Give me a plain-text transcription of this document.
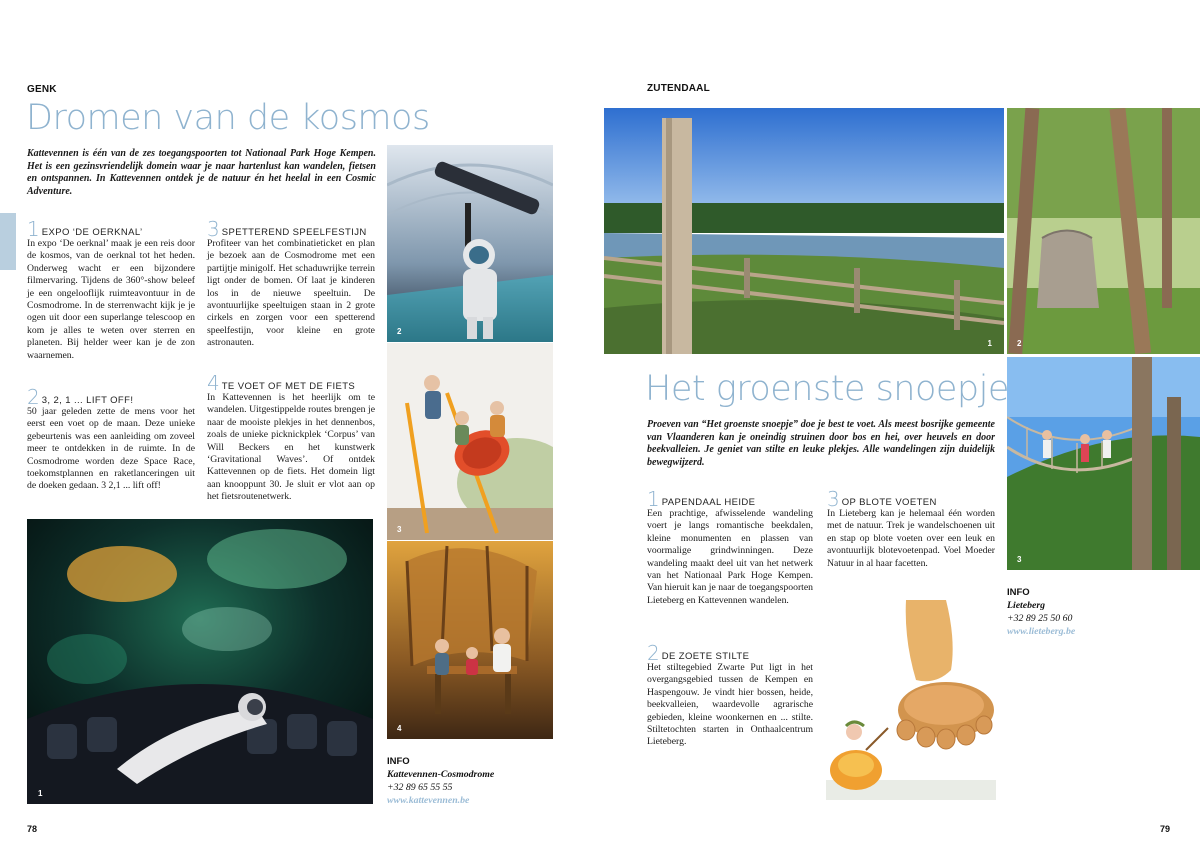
GENK
Dromen van de kosmos
Kattevennen is één van de zes toegangspoorten tot Nationaal Park Hoge Kempen. Het is een gezinsvriendelijk domein waar je naar hartenlust kan wandelen, fietsen en ontspannen. In Kattevennen ontdek je de natuur én het heelal in een Cosmic Adventure.
1 EXPO ‘DE OERKNAL’
In expo ‘De oerknal’ maak je een reis door de kosmos, van de oerknal tot het heden. Onderweg wacht er een bijzondere filmervaring. Tijdens de 360°-show beleef je een ongelooflijk ruimteavontuur in de Cosmodrome. In de sterrenwacht kijk je je ogen uit door een superlange telescoop en kom je alles te weten over sterren en planeten. Bij helder weer kan je de zon waarnemen.
2 3, 2, 1 ... LIFT OFF!
50 jaar geleden zette de mens voor het eerst een voet op de maan. Deze unieke gebeurtenis was een aanleiding om zoveel meer te ontdekken in de ruimte. In de Cosmodrome worden deze Space Race, toekomstplannen en raketlanceringen uit de doeken gedaan. 3 2,1 ... lift off!
3 SPETTEREND SPEELFESTIJN
Profiteer van het combinatieticket en plan je bezoek aan de Cosmodrome met een partijtje minigolf. Het schaduwrijke terrein ligt onder de bomen. Of laat je kinderen los in de nieuwe speeltuin. De avontuurlijke speeltuigen staan in 2 grote cirkels en zorgen voor een spetterend speelfestijn, voor kleine en grote astronauten.
4 TE VOET OF MET DE FIETS
In Kattevennen is het heerlijk om te wandelen. Uitgestippelde routes brengen je naar de mooiste plekjes in het dennenbos, zoals de unieke picknickplek ‘Corpus’ van Will Beckers en het kunstwerk ‘Gravitational Waves’. Of ontdek Kattevennen op de fiets. Het domein ligt aan knooppunt 30. Je sluit er vlot aan op het fietsroutenetwerk.
1
2
3
4
INFO
Kattevennen-Cosmodrome
+32 89 65 55 55
www.kattevennen.be
78
ZUTENDAAL
1	2
3
Het groenste snoepje
Proeven van “Het groenste snoepje” doe je best te voet. Als meest bosrijke gemeente van Vlaanderen kan je oneindig struinen door bos en hei, over heuvels en door beekvalleien. Je geniet van stilte en leuke plekjes. Alle wandelingen zijn duidelijk bewegwijzerd.
1 PAPENDAAL HEIDE
Een prachtige, afwisselende wandeling voert je langs romantische beekdalen, kleine monumenten en plassen van voormalige grindwinningen. Deze wandeling maakt deel uit van het netwerk van het Nationaal Park Hoge Kempen. Van hieruit kan je naar de toegangspoorten Lieteberg en Kattevennen wandelen.
2 DE ZOETE STILTE
Het stiltegebied Zwarte Put ligt in het overgangsgebied tussen de Kempen en Haspengouw. Je vindt hier bossen, heide, beekvalleien, waardevolle agrarische gebieden, kleine woonkernen en ... stilte. Stiltetochten starten in Onthaalcentrum Lieteberg.
3 OP BLOTE VOETEN
In Lieteberg kan je helemaal één worden met de natuur. Trek je wandelschoenen uit en stap op blote voeten over een leuk en avontuurlijk blotevoetenpad. Voel Moeder Natuur in al haar facetten.
INFO
Lieteberg
+32 89 25 50 60
www.lieteberg.be
79
